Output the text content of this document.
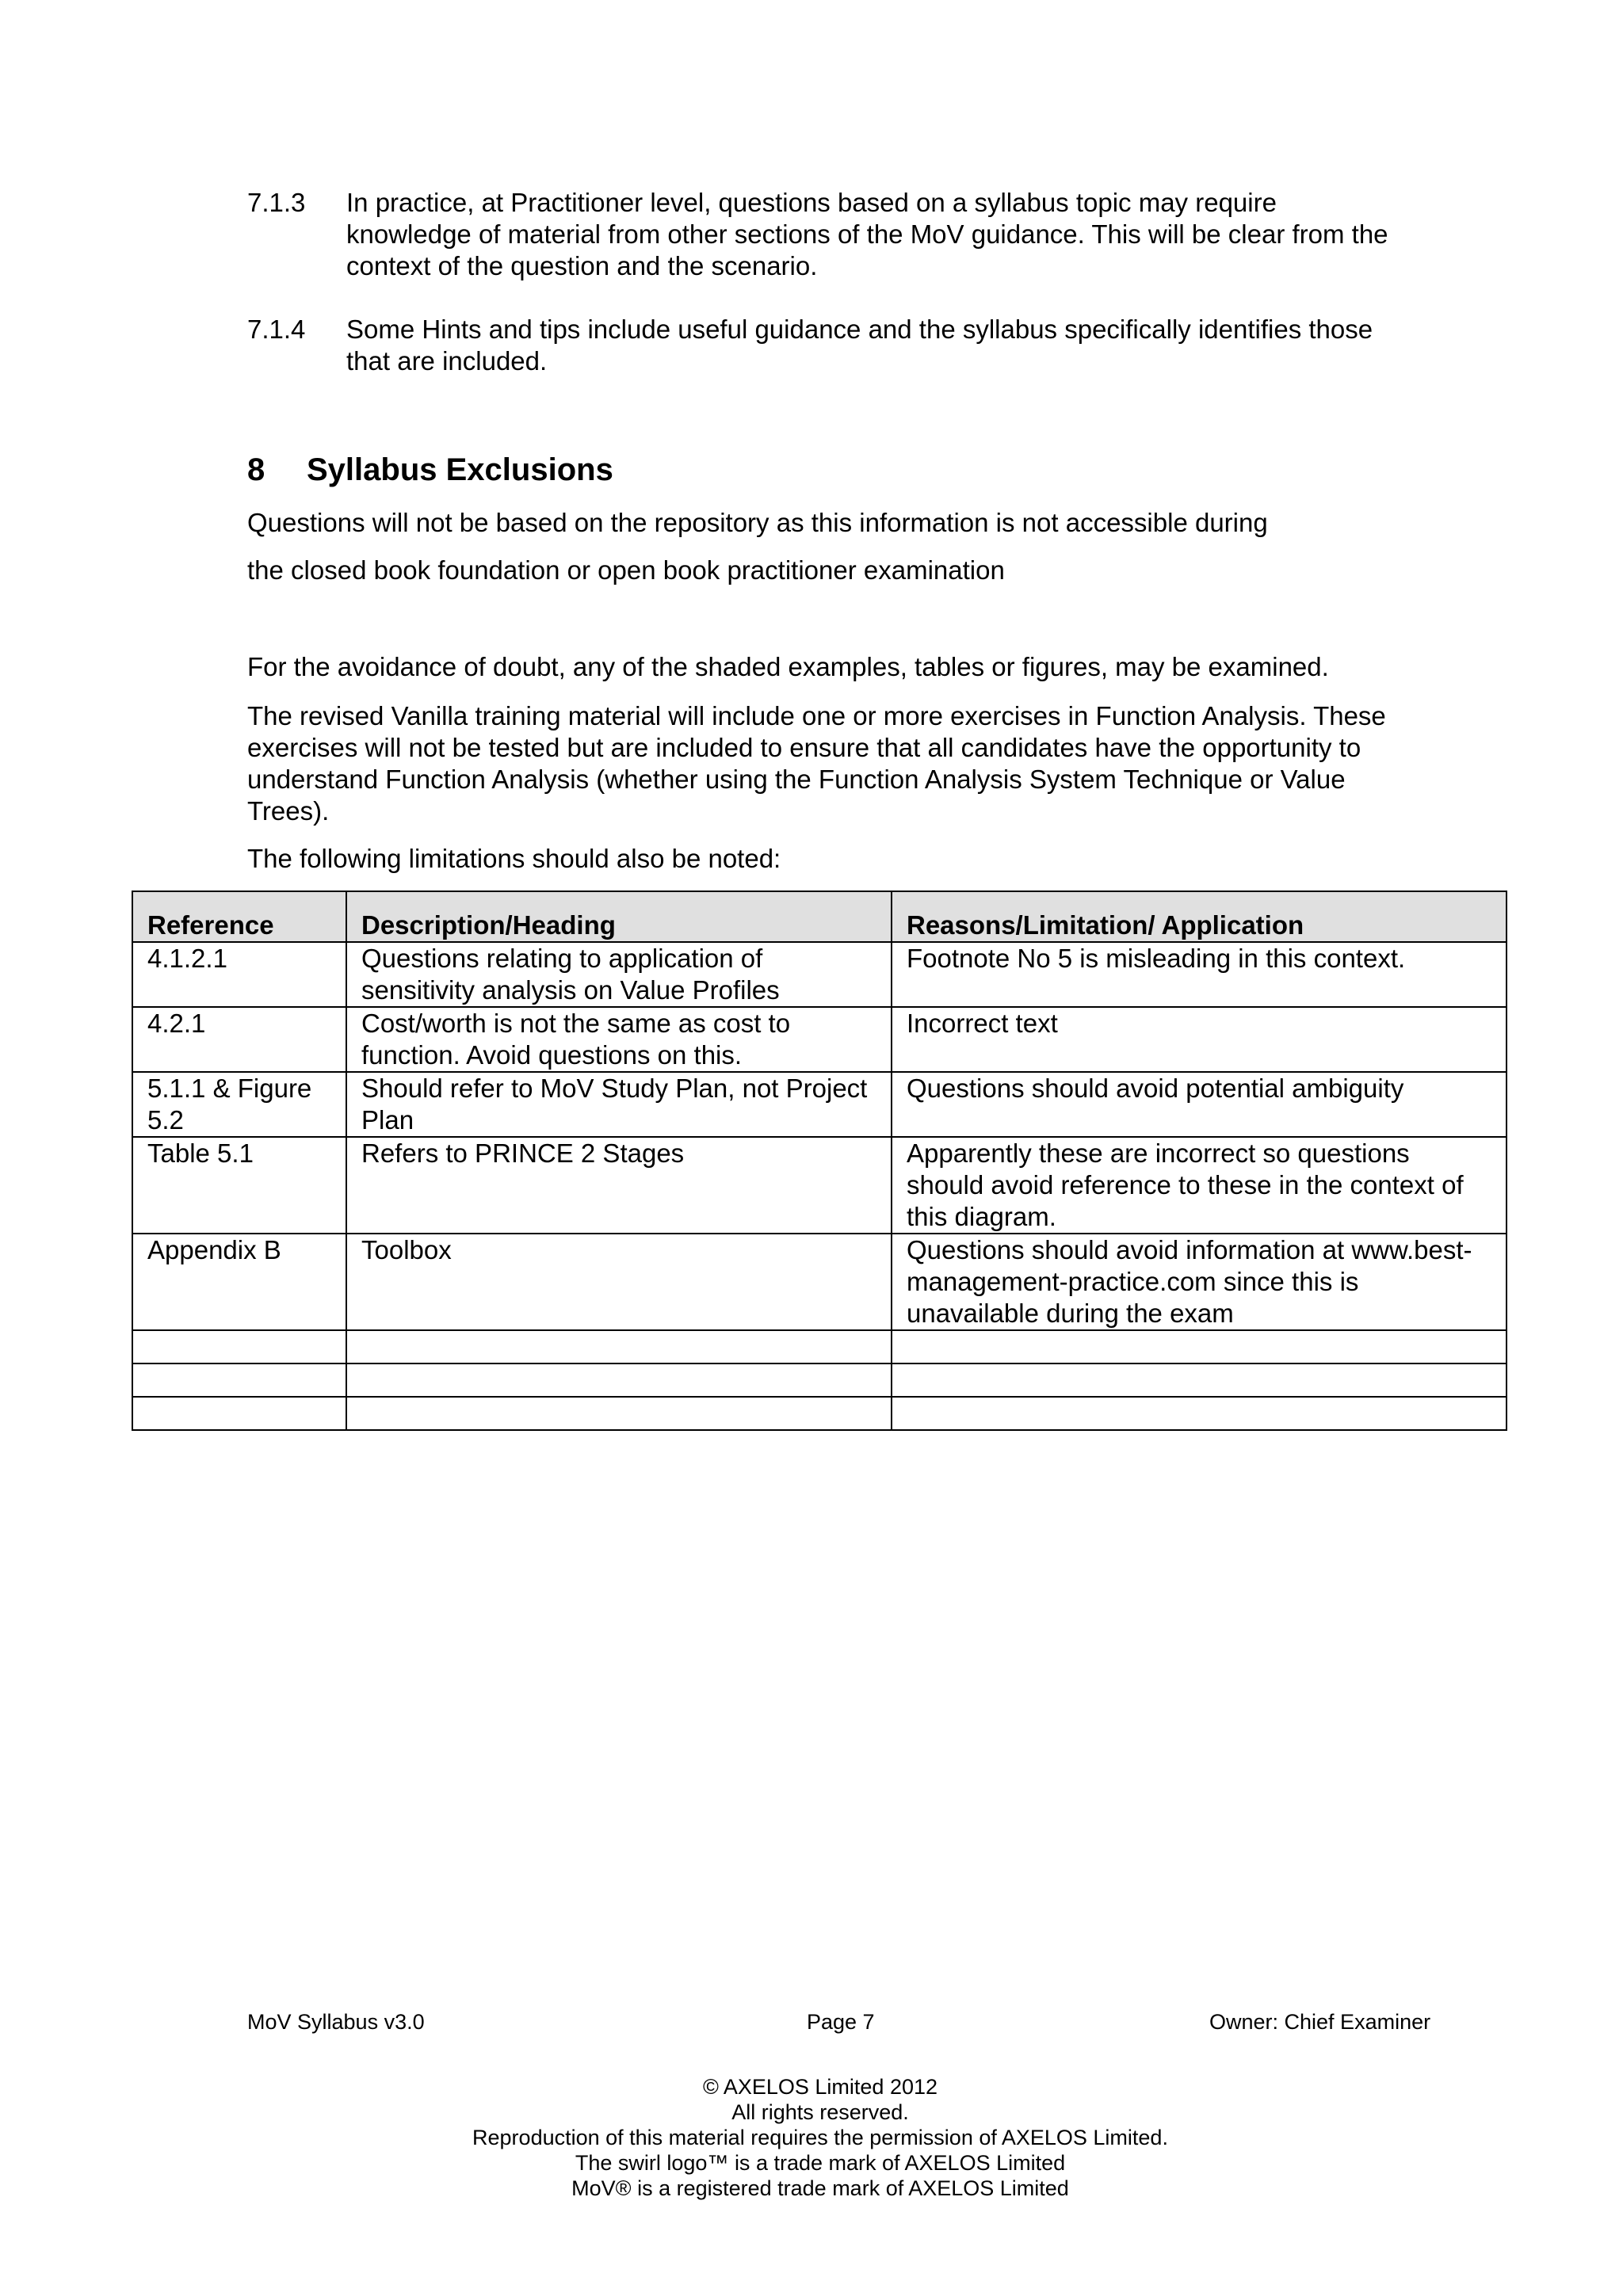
7.1.3	In practice, at Practitioner level, questions based on a syllabus topic may require knowledge of material from other sections of the MoV guidance. This will be clear from the context of the question and the scenario.
7.1.4	Some Hints and tips include useful guidance and the syllabus specifically identifies those that are included.
8	Syllabus Exclusions

Questions will not be based on the repository as this information is not accessible during

the closed book foundation or open book practitioner examination

For the avoidance of doubt, any of the shaded examples, tables or figures, may be examined.

The revised Vanilla training material will include one or more exercises in Function Analysis. These exercises will not be tested but are included to ensure that all candidates have the opportunity to understand Function Analysis (whether using the Function Analysis System Technique or Value Trees).

The following limitations should also be noted:

Reference	Description/Heading	Reasons/Limitation/ Application
4.1.2.1	Questions relating to application of sensitivity analysis on Value Profiles	Footnote No 5 is misleading in this context.
4.2.1	Cost/worth is not the same as cost to function. Avoid questions on this.	Incorrect text
5.1.1 & Figure 5.2	Should refer to MoV Study Plan, not Project Plan	Questions should avoid potential ambiguity
Table 5.1	Refers to PRINCE 2 Stages	Apparently these are incorrect so questions should avoid reference to these in the context of this diagram.
Appendix B	Toolbox	Questions should avoid information at www.best-management-practice.com since this is unavailable during the exam

MoV Syllabus v3.0	Page 7	Owner: Chief Examiner
© AXELOS Limited 2012
All rights reserved.
Reproduction of this material requires the permission of AXELOS Limited.
The swirl logo™ is a trade mark of AXELOS Limited
MoV® is a registered trade mark of AXELOS Limited
